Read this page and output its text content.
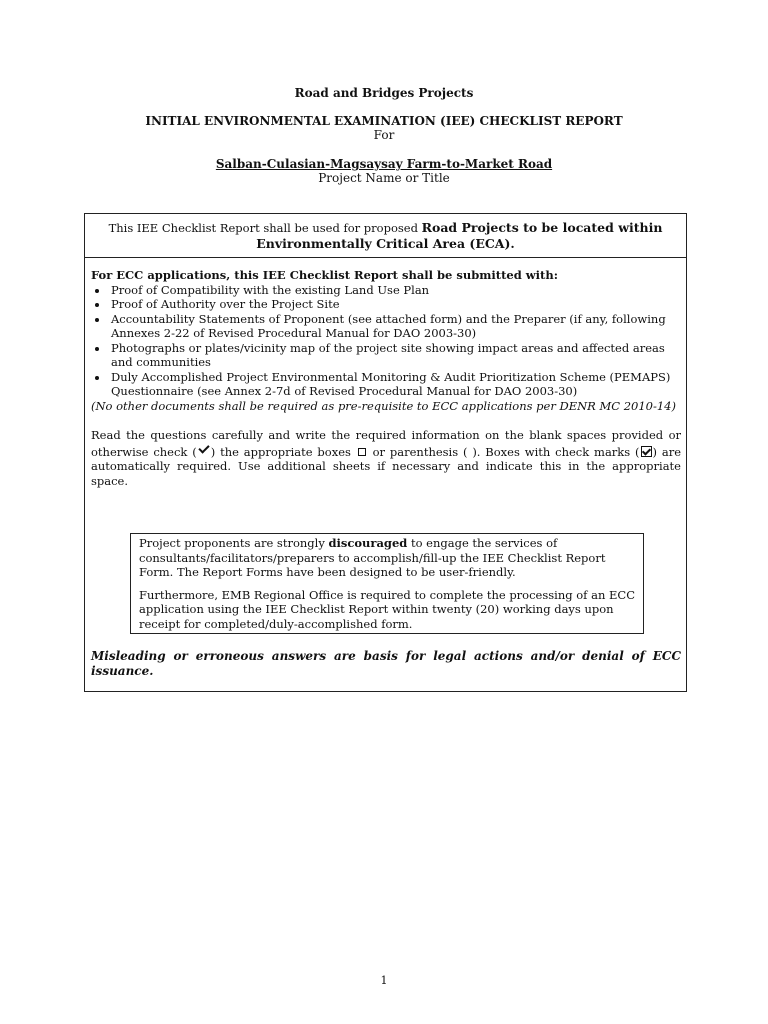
Road and Bridges Projects

INITIAL ENVIRONMENTAL EXAMINATION (IEE) CHECKLIST REPORT

For

Salban-Culasian-Magsaysay Farm-to-Market Road

Project Name or Title

This IEE Checklist Report shall be used for proposed Road Projects to be located within
Environmentally Critical Area (ECA).

For ECC applications, this IEE Checklist Report shall be submitted with:

• Proof of Compatibility with the existing Land Use Plan
• Proof of Authority over the Project Site
• Accountability Statements of Proponent (see attached form) and the Preparer (if any, following Annexes 2-22 of Revised Procedural Manual for DAO 2003-30)
• Photographs or plates/vicinity map of the project site showing impact areas and affected areas and communities
• Duly Accomplished Project Environmental Monitoring & Audit Prioritization Scheme (PEMAPS) Questionnaire (see Annex 2-7d of Revised Procedural Manual for DAO 2003-30)

(No other documents shall be required as pre-requisite to ECC applications per DENR MC 2010-14)

Read the questions carefully and write the required information on the blank spaces provided or otherwise check ( ) the appropriate boxes or parenthesis ( ). Boxes with check marks ( ) are automatically required. Use additional sheets if necessary and indicate this in the appropriate space.

Project proponents are strongly discouraged to engage the services of consultants/facilitators/preparers to accomplish/fill-up the IEE Checklist Report Form. The Report Forms have been designed to be user-friendly.

Furthermore, EMB Regional Office is required to complete the processing of an ECC application using the IEE Checklist Report within twenty (20) working days upon receipt for completed/duly-accomplished form.

Misleading or erroneous answers are basis for legal actions and/or denial of ECC issuance.

1
